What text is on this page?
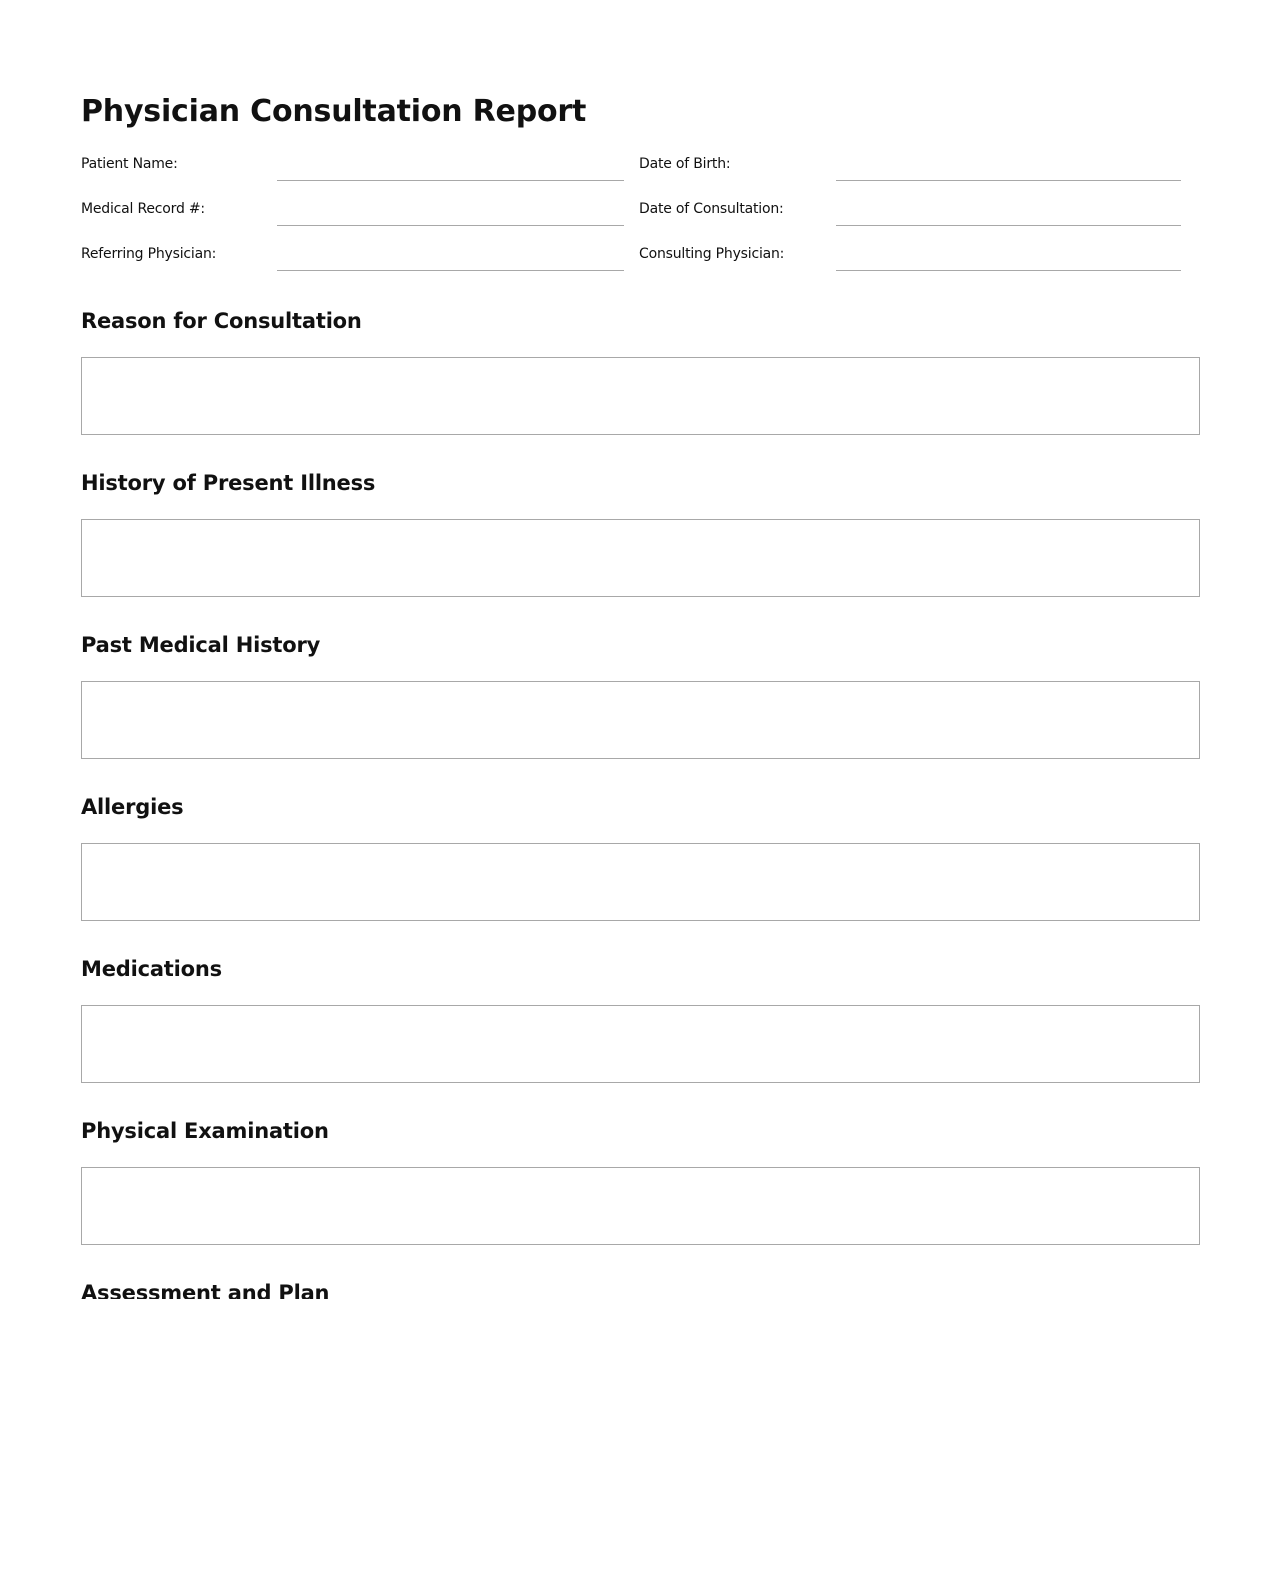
Physician Consultation Report
Patient Name:	Date of Birth:
Medical Record #:	Date of Consultation:
Referring Physician:	Consulting Physician:
Reason for Consultation
History of Present Illness
Past Medical History
Allergies
Medications
Physical Examination
Assessment and Plan
